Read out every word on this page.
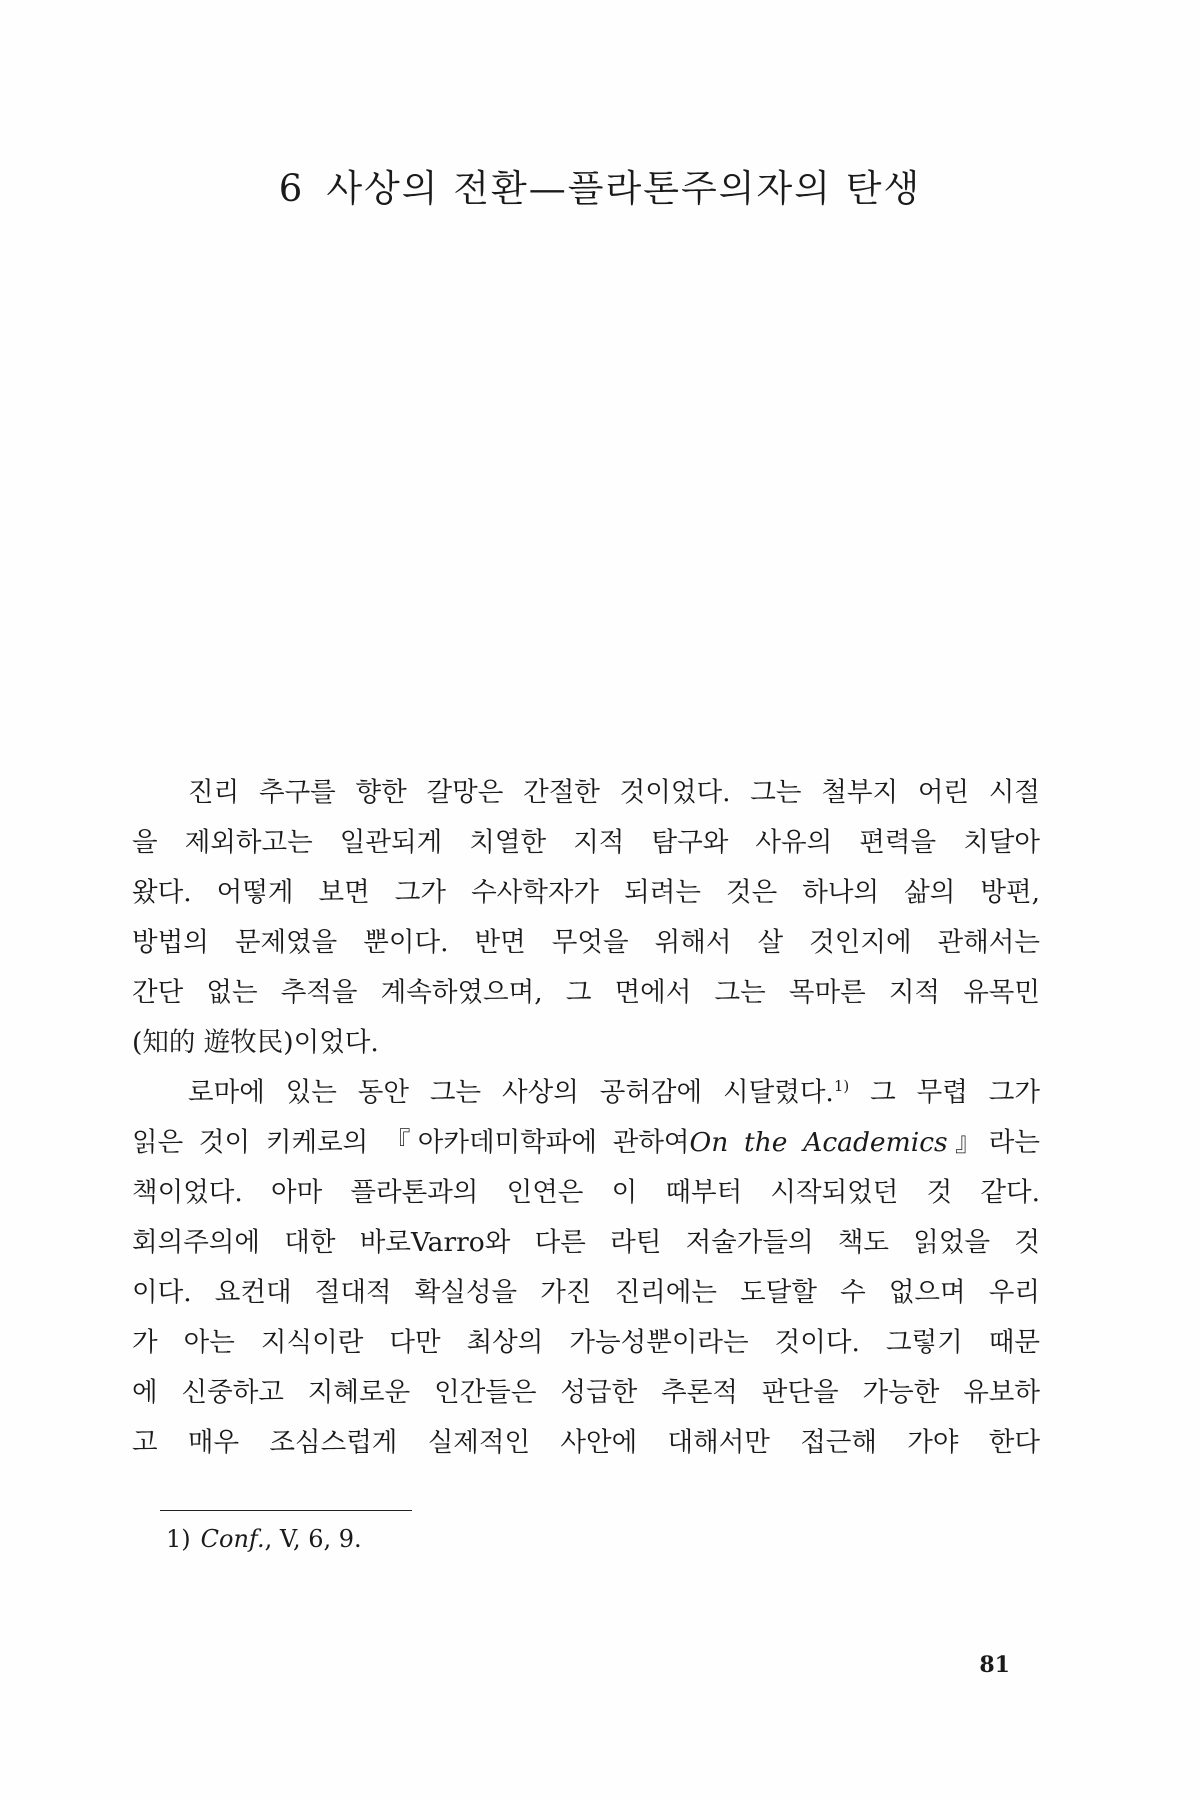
6 사상의 전환—플라톤주의자의 탄생

진리 추구를 향한 갈망은 간절한 것이었다. 그는 철부지 어린 시절
을 제외하고는 일관되게 치열한 지적 탐구와 사유의 편력을 치달아
왔다. 어떻게 보면 그가 수사학자가 되려는 것은 하나의 삶의 방편,
방법의 문제였을 뿐이다. 반면 무엇을 위해서 살 것인지에 관해서는
간단 없는 추적을 계속하였으며, 그 면에서 그는 목마른 지적 유목민
(知的 遊牧民)이었다.

로마에 있는 동안 그는 사상의 공허감에 시달렸다.$^{1)}$ 그 무렵 그가
읽은 것이 키케로의 『아카데미학파에 관하여On the Academics』라는
책이었다. 아마 플라톤과의 인연은 이 때부터 시작되었던 것 같다.
회의주의에 대한 바로Varro와 다른 라틴 저술가들의 책도 읽었을 것
이다. 요컨대 절대적 확실성을 가진 진리에는 도달할 수 없으며 우리
가 아는 지식이란 다만 최상의 가능성뿐이라는 것이다. 그렇기 때문
에 신중하고 지혜로운 인간들은 성급한 추론적 판단을 가능한 유보하
고 매우 조심스럽게 실제적인 사안에 대해서만 접근해 가야 한다

1) Conf., V, 6, 9.
81
